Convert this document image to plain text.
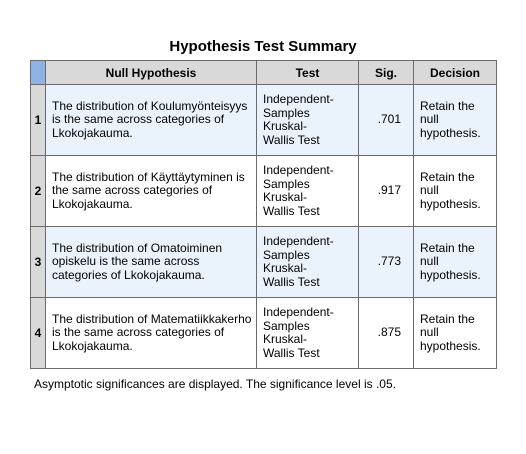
Hypothesis Test Summary
	Null Hypothesis	Test	Sig.	Decision
1	The distribution of Koulumyönteisyys is the same across categories of Lkokojakauma.	Independent-Samples Kruskal-Wallis Test	.701	Retain the null hypothesis.

2	The distribution of Käyttäytyminen is the same across categories of Lkokojakauma.	Independent-Samples Kruskal-Wallis Test	.917	Retain the null hypothesis.

3	The distribution of Omatoiminen opiskelu is the same across categories of Lkokojakauma.	Independent-Samples Kruskal-Wallis Test	.773	Retain the null hypothesis.

4	The distribution of Matematiikkakerho is the same across categories of Lkokojakauma.	Independent-Samples Kruskal-Wallis Test	.875	Retain the null hypothesis.
Asymptotic significances are displayed. The significance level is .05.
